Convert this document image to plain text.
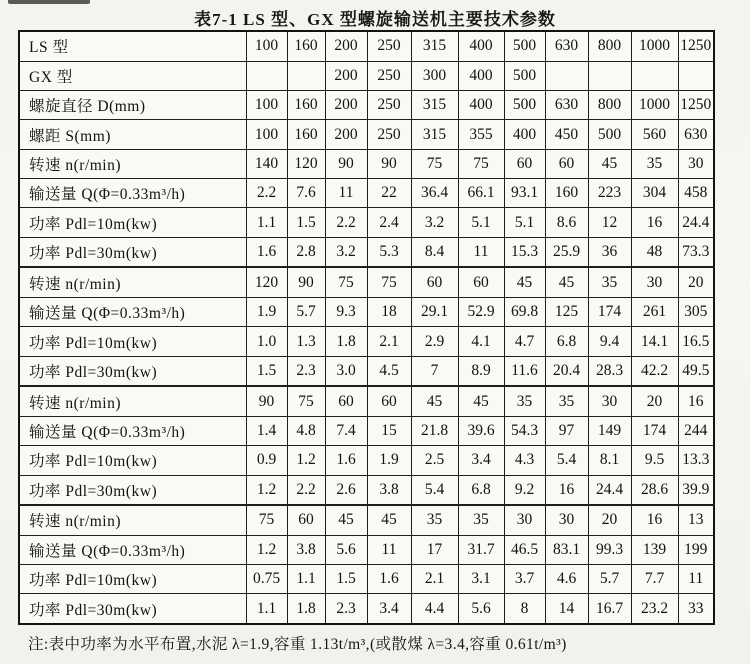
表7-1 LS 型、GX 型螺旋输送机主要技术参数
LS 型	100	160	200	250	315	400	500	630	800	1000	1250
GX 型			200	250	300	400	500				
螺旋直径 D(mm)	100	160	200	250	315	400	500	630	800	1000	1250
螺距 S(mm)	100	160	200	250	315	355	400	450	500	560	630
转速 n(r/min)	140	120	90	90	75	75	60	60	45	35	30
输送量 Q(Φ=0.33m³/h)	2.2	7.6	11	22	36.4	66.1	93.1	160	223	304	458
功率 Pdl=10m(kw)	1.1	1.5	2.2	2.4	3.2	5.1	5.1	8.6	12	16	24.4
功率 Pdl=30m(kw)	1.6	2.8	3.2	5.3	8.4	11	15.3	25.9	36	48	73.3
转速 n(r/min)	120	90	75	75	60	60	45	45	35	30	20
输送量 Q(Φ=0.33m³/h)	1.9	5.7	9.3	18	29.1	52.9	69.8	125	174	261	305
功率 Pdl=10m(kw)	1.0	1.3	1.8	2.1	2.9	4.1	4.7	6.8	9.4	14.1	16.5
功率 Pdl=30m(kw)	1.5	2.3	3.0	4.5	7	8.9	11.6	20.4	28.3	42.2	49.5
转速 n(r/min)	90	75	60	60	45	45	35	35	30	20	16
输送量 Q(Φ=0.33m³/h)	1.4	4.8	7.4	15	21.8	39.6	54.3	97	149	174	244
功率 Pdl=10m(kw)	0.9	1.2	1.6	1.9	2.5	3.4	4.3	5.4	8.1	9.5	13.3
功率 Pdl=30m(kw)	1.2	2.2	2.6	3.8	5.4	6.8	9.2	16	24.4	28.6	39.9
转速 n(r/min)	75	60	45	45	35	35	30	30	20	16	13
输送量 Q(Φ=0.33m³/h)	1.2	3.8	5.6	11	17	31.7	46.5	83.1	99.3	139	199
功率 Pdl=10m(kw)	0.75	1.1	1.5	1.6	2.1	3.1	3.7	4.6	5.7	7.7	11
功率 Pdl=30m(kw)	1.1	1.8	2.3	3.4	4.4	5.6	8	14	16.7	23.2	33
注:表中功率为水平布置,水泥 λ=1.9,容重 1.13t/m³,(或散煤 λ=3.4,容重 0.61t/m³)
